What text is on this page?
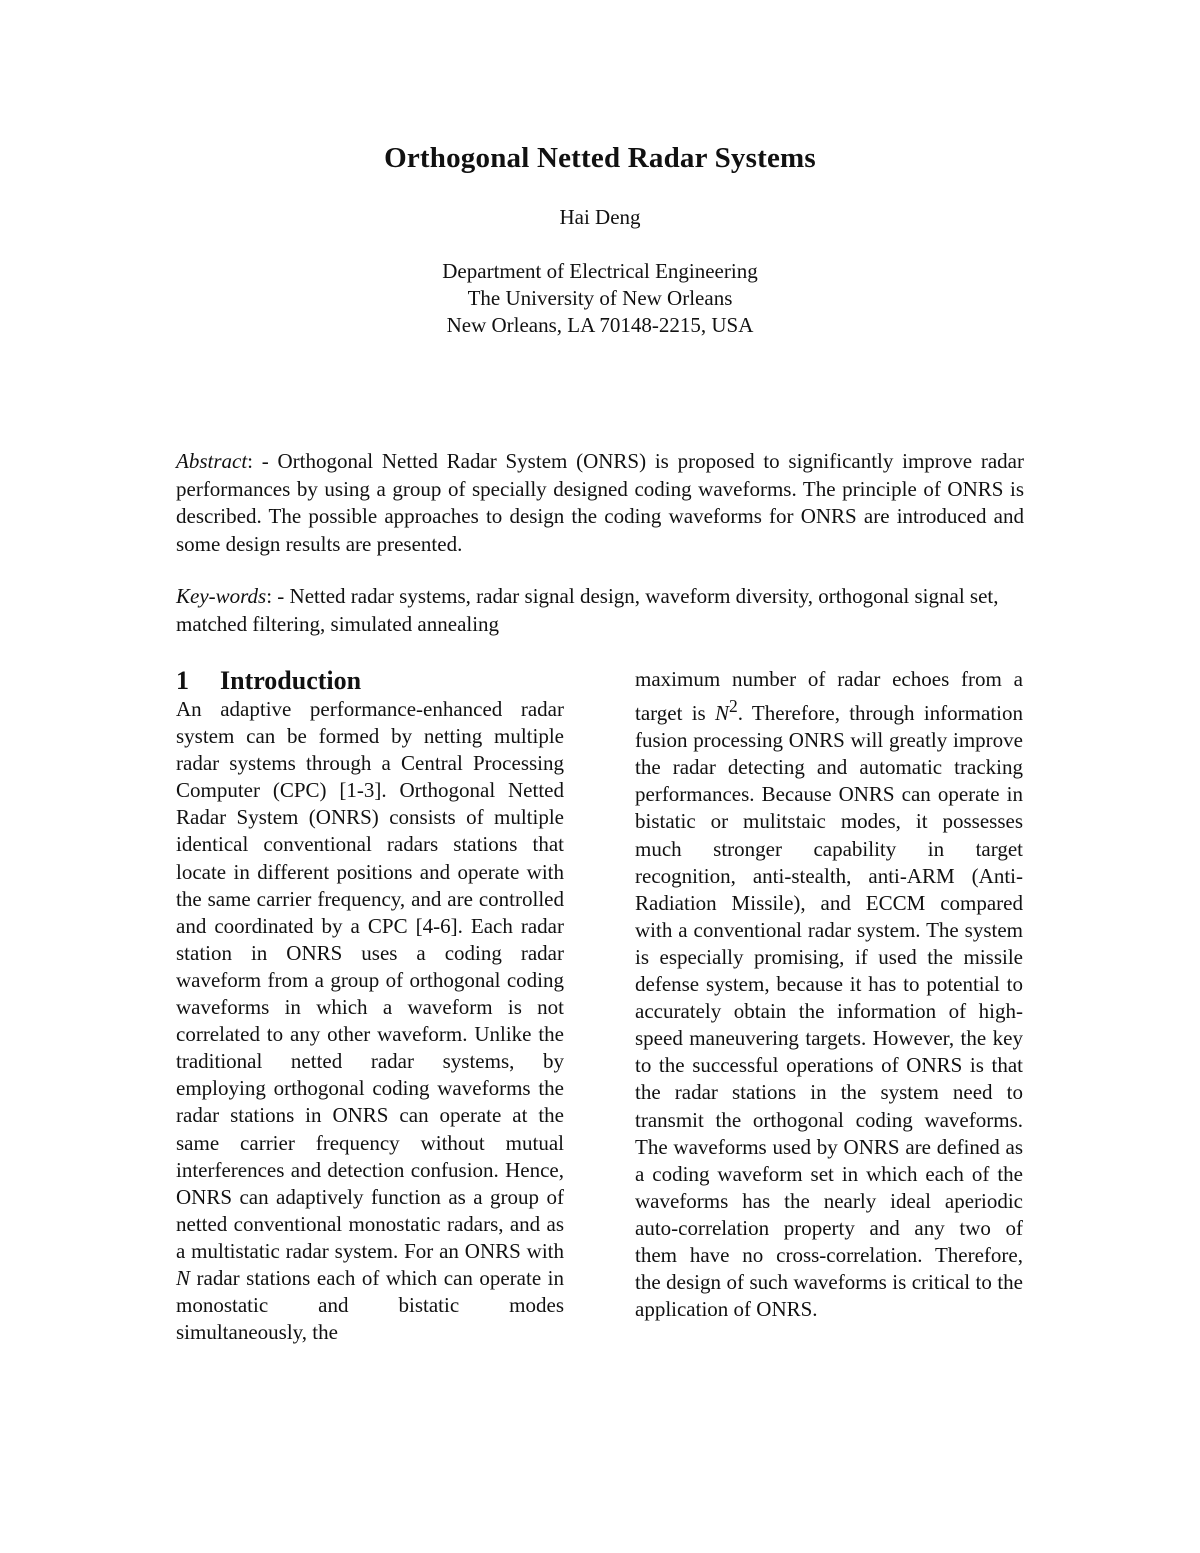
Orthogonal Netted Radar Systems
Hai Deng
Department of Electrical Engineering
The University of New Orleans
New Orleans, LA 70148-2215, USA

Abstract: - Orthogonal Netted Radar System (ONRS) is proposed to significantly improve radar performances by using a group of specially designed coding waveforms. The principle of ONRS is described. The possible approaches to design the coding waveforms for ONRS are introduced and some design results are presented.

Key-words: - Netted radar systems, radar signal design, waveform diversity, orthogonal signal set, matched filtering, simulated annealing

1 Introduction

An adaptive performance-enhanced radar system can be formed by netting multiple radar systems through a Central Processing Computer (CPC) [1-3]. Orthogonal Netted Radar System (ONRS) consists of multiple identical conventional radars stations that locate in different positions and operate with the same carrier frequency, and are controlled and coordinated by a CPC [4-6]. Each radar station in ONRS uses a coding radar waveform from a group of orthogonal coding waveforms in which a waveform is not correlated to any other waveform. Unlike the traditional netted radar systems, by employing orthogonal coding waveforms the radar stations in ONRS can operate at the same carrier frequency without mutual interferences and detection confusion. Hence, ONRS can adaptively function as a group of netted conventional monostatic radars, and as a multistatic radar system. For an ONRS with N radar stations each of which can operate in monostatic and bistatic modes simultaneously, the

maximum number of radar echoes from a target is $N^2$. Therefore, through information fusion processing ONRS will greatly improve the radar detecting and automatic tracking performances. Because ONRS can operate in bistatic or mulitstaic modes, it possesses much stronger capability in target recognition, anti-stealth, anti-ARM (Anti-Radiation Missile), and ECCM compared with a conventional radar system. The system is especially promising, if used the missile defense system, because it has to potential to accurately obtain the information of high-speed maneuvering targets. However, the key to the successful operations of ONRS is that the radar stations in the system need to transmit the orthogonal coding waveforms. The waveforms used by ONRS are defined as a coding waveform set in which each of the waveforms has the nearly ideal aperiodic auto-correlation property and any two of them have no cross-correlation. Therefore, the design of such waveforms is critical to the application of ONRS.
